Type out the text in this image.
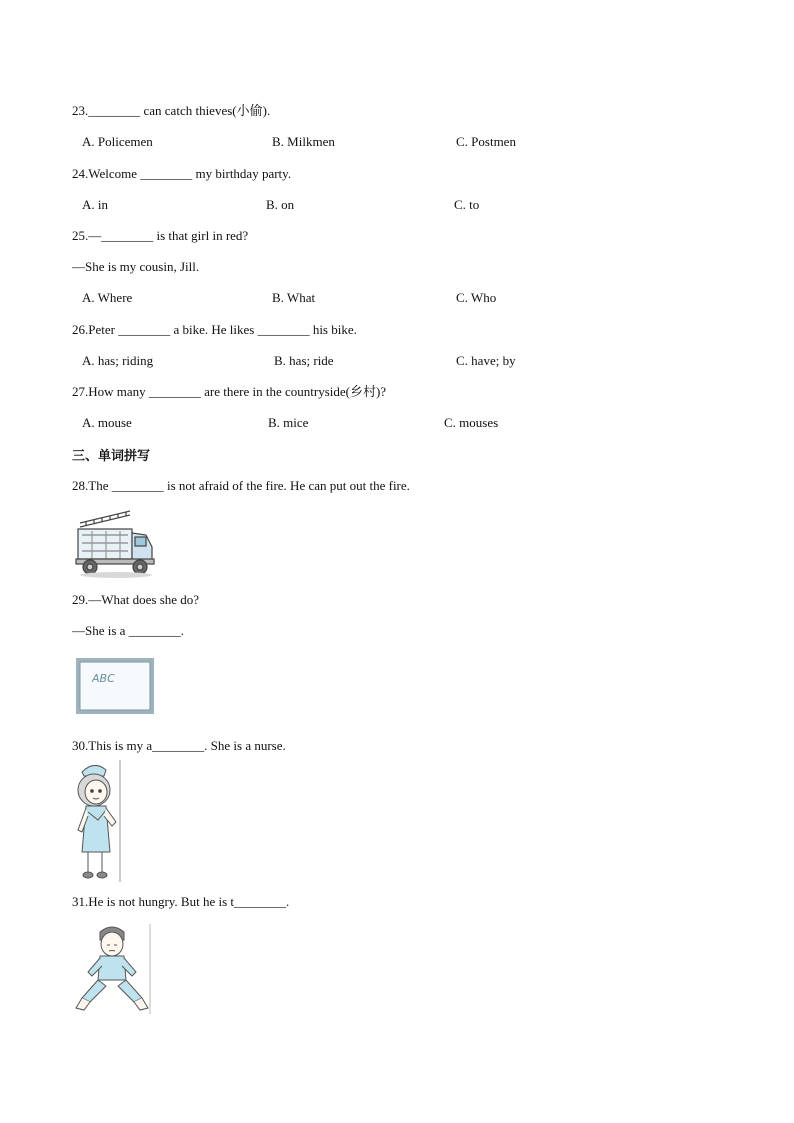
23.________ can catch thieves(小偷).
A. Policemen	B. Milkmen	C. Postmen
24.Welcome ________ my birthday party.
A. in	B. on	C. to
25.—________ is that girl in red?
—She is my cousin, Jill.
A. Where	B. What	C. Who
26.Peter ________ a bike. He likes ________ his bike.
A. has; riding	B. has; ride	C. have; by
27.How many ________ are there in the countryside(乡村)?
A. mouse	B. mice	C. mouses
三、单词拼写
28.The ________ is not afraid of the fire. He can put out the fire.
29.—What does she do?
—She is a ________.
ABC
30.This is my a________. She is a nurse.
31.He is not hungry. But he is t________.
